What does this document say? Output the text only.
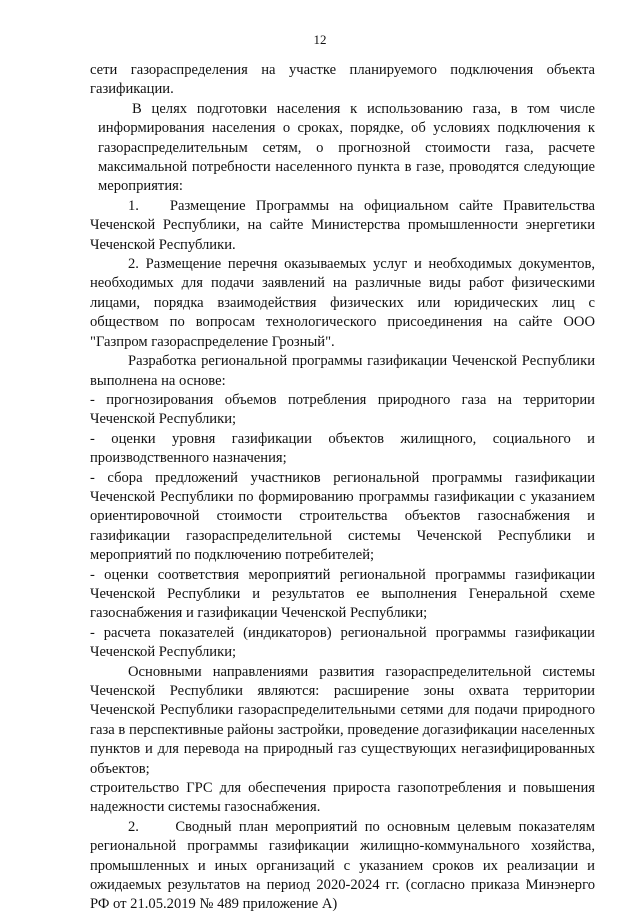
12

сети газораспределения на участке планируемого подключения объекта газификации.

В целях подготовки населения к использованию газа, в том числе информирования населения о сроках, порядке, об условиях подключения к газораспределительным сетям, о прогнозной стоимости газа, расчете максимальной потребности населенного пункта в газе, проводятся следующие мероприятия:

1.   Размещение Программы на официальном сайте Правительства Чеченской Республики, на сайте Министерства промышленности энергетики Чеченской Республики.

2. Размещение перечня оказываемых услуг и необходимых документов, необходимых для подачи заявлений на различные виды работ физическими лицами, порядка взаимодействия физических или юридических лиц с обществом по вопросам технологического присоединения на сайте ООО "Газпром газораспределение Грозный".

Разработка региональной программы газификации Чеченской Республики выполнена на основе:

- прогнозирования объемов потребления природного газа на территории Чеченской Республики;

- оценки уровня газификации объектов жилищного, социального и производственного назначения;

- сбора предложений участников региональной программы газификации Чеченской Республики по формированию программы газификации с указанием ориентировочной стоимости строительства объектов газоснабжения и газификации газораспределительной системы Чеченской Республики и мероприятий по подключению потребителей;

- оценки соответствия мероприятий региональной программы газификации Чеченской Республики и результатов ее выполнения Генеральной схеме газоснабжения и газификации Чеченской Республики;

- расчета показателей (индикаторов) региональной программы газификации Чеченской Республики;

Основными направлениями развития газораспределительной системы Чеченской Республики являются: расширение зоны охвата территории Чеченской Республики газораспределительными сетями для подачи природного газа в перспективные районы застройки, проведение догазификации населенных пунктов и для перевода на природный газ существующих негазифицированных объектов;

строительство ГРС для обеспечения прироста газопотребления и повышения надежности системы газоснабжения.

2.     Сводный план мероприятий по основным целевым показателям региональной программы газификации жилищно-коммунального хозяйства, промышленных и иных организаций с указанием сроков их реализации и ожидаемых результатов на период 2020-2024 гг. (согласно приказа Минэнерго РФ от 21.05.2019 № 489 приложение А)
